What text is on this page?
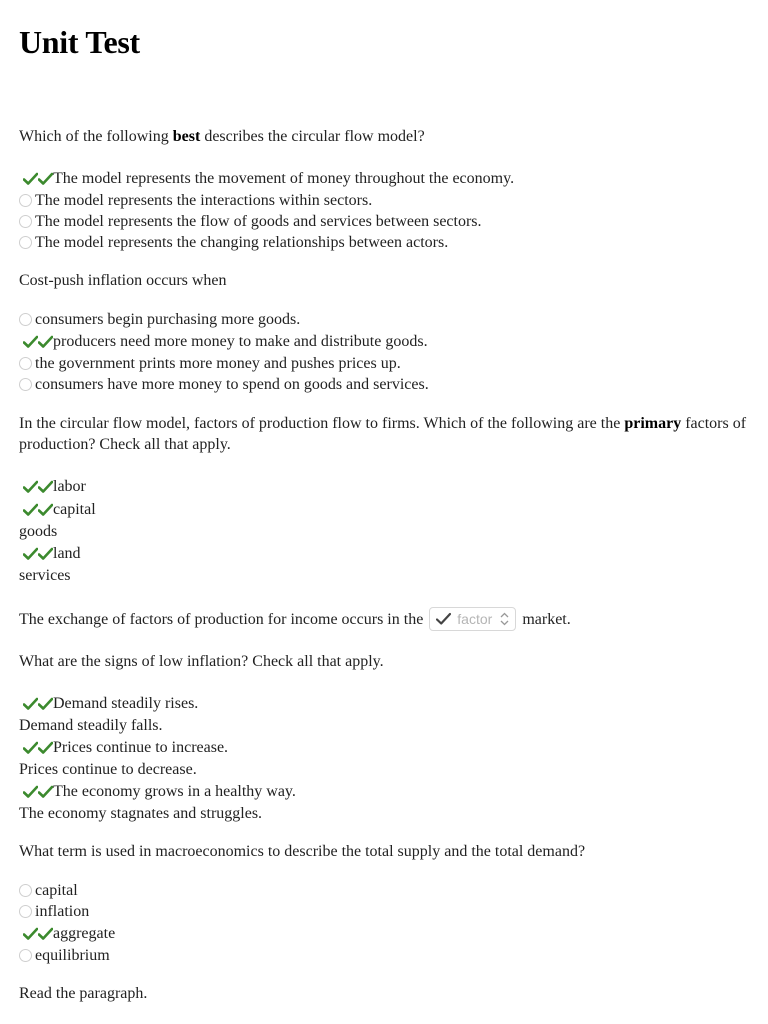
Unit Test
Which of the following best describes the circular flow model?
The model represents the movement of money throughout the economy.
The model represents the interactions within sectors.
The model represents the flow of goods and services between sectors.
The model represents the changing relationships between actors.
Cost-push inflation occurs when
consumers begin purchasing more goods.
producers need more money to make and distribute goods.
the government prints more money and pushes prices up.
consumers have more money to spend on goods and services.
In the circular flow model, factors of production flow to firms. Which of the following are the primary factors of production? Check all that apply.
labor
capital
goods
land
services
The exchange of factors of production for income occurs in the factor market.
What are the signs of low inflation? Check all that apply.
Demand steadily rises.
Demand steadily falls.
Prices continue to increase.
Prices continue to decrease.
The economy grows in a healthy way.
The economy stagnates and struggles.
What term is used in macroeconomics to describe the total supply and the total demand?
capital
inflation
aggregate
equilibrium
Read the paragraph.
